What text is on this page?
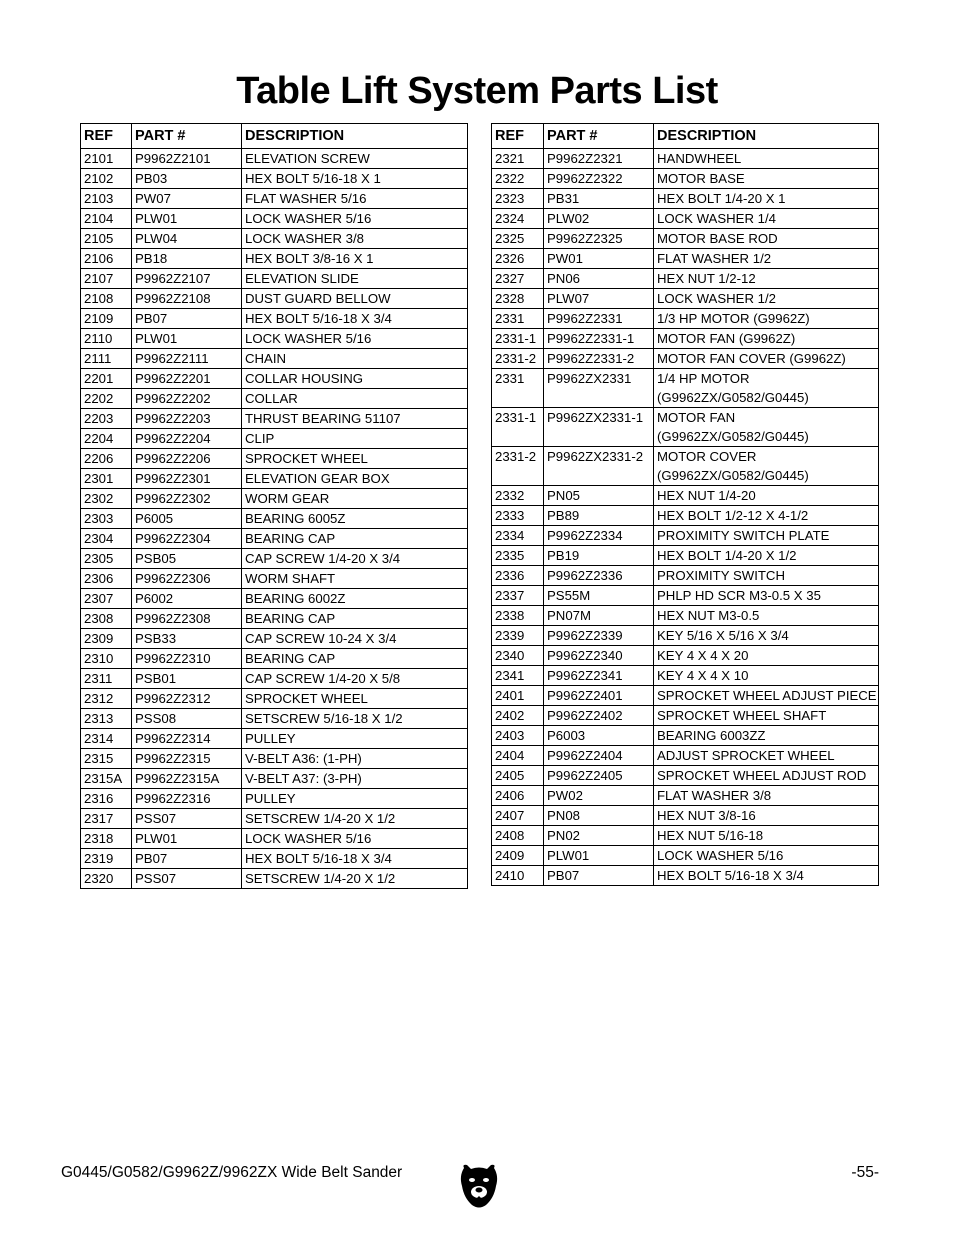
Table Lift System Parts List
REF	PART #	DESCRIPTION
2101	P9962Z2101	ELEVATION SCREW

2102	PB03	HEX BOLT 5/16-18 X 1

2103	PW07	FLAT WASHER 5/16

2104	PLW01	LOCK WASHER 5/16

2105	PLW04	LOCK WASHER 3/8

2106	PB18	HEX BOLT 3/8-16 X 1

2107	P9962Z2107	ELEVATION SLIDE

2108	P9962Z2108	DUST GUARD BELLOW

2109	PB07	HEX BOLT 5/16-18 X 3/4

2110	PLW01	LOCK WASHER 5/16

2111	P9962Z2111	CHAIN

2201	P9962Z2201	COLLAR HOUSING

2202	P9962Z2202	COLLAR

2203	P9962Z2203	THRUST BEARING 51107

2204	P9962Z2204	CLIP

2206	P9962Z2206	SPROCKET WHEEL

2301	P9962Z2301	ELEVATION GEAR BOX

2302	P9962Z2302	WORM GEAR

2303	P6005	BEARING 6005Z

2304	P9962Z2304	BEARING CAP

2305	PSB05	CAP SCREW 1/4-20 X 3/4

2306	P9962Z2306	WORM SHAFT

2307	P6002	BEARING 6002Z

2308	P9962Z2308	BEARING CAP

2309	PSB33	CAP SCREW 10-24 X 3/4

2310	P9962Z2310	BEARING CAP

2311	PSB01	CAP SCREW 1/4-20 X 5/8

2312	P9962Z2312	SPROCKET WHEEL

2313	PSS08	SETSCREW 5/16-18 X 1/2

2314	P9962Z2314	PULLEY

2315	P9962Z2315	V-BELT A36: (1-PH)

2315A	P9962Z2315A	V-BELT A37: (3-PH)

2316	P9962Z2316	PULLEY

2317	PSS07	SETSCREW 1/4-20 X 1/2

2318	PLW01	LOCK WASHER 5/16

2319	PB07	HEX BOLT 5/16-18 X 3/4

2320	PSS07	SETSCREW 1/4-20 X 1/2
REF	PART #	DESCRIPTION
2321	P9962Z2321	HANDWHEEL

2322	P9962Z2322	MOTOR BASE

2323	PB31	HEX BOLT 1/4-20 X 1

2324	PLW02	LOCK WASHER 1/4

2325	P9962Z2325	MOTOR BASE ROD

2326	PW01	FLAT WASHER 1/2

2327	PN06	HEX NUT 1/2-12

2328	PLW07	LOCK WASHER 1/2

2331	P9962Z2331	1/3 HP MOTOR (G9962Z)

2331-1	P9962Z2331-1	MOTOR FAN (G9962Z)

2331-2	P9962Z2331-2	MOTOR FAN COVER (G9962Z)

2331	P9962ZX2331	1/4 HP MOTOR
(G9962ZX/G0582/G0445)

2331-1	P9962ZX2331-1	MOTOR FAN
(G9962ZX/G0582/G0445)

2331-2	P9962ZX2331-2	MOTOR COVER
(G9962ZX/G0582/G0445)

2332	PN05	HEX NUT 1/4-20

2333	PB89	HEX BOLT 1/2-12 X 4-1/2

2334	P9962Z2334	PROXIMITY SWITCH PLATE

2335	PB19	HEX BOLT 1/4-20 X 1/2

2336	P9962Z2336	PROXIMITY SWITCH

2337	PS55M	PHLP HD SCR M3-0.5 X 35

2338	PN07M	HEX NUT M3-0.5

2339	P9962Z2339	KEY 5/16 X 5/16 X 3/4

2340	P9962Z2340	KEY 4 X 4 X 20

2341	P9962Z2341	KEY 4 X 4 X 10

2401	P9962Z2401	SPROCKET WHEEL ADJUST PIECE

2402	P9962Z2402	SPROCKET WHEEL SHAFT

2403	P6003	BEARING 6003ZZ

2404	P9962Z2404	ADJUST SPROCKET WHEEL

2405	P9962Z2405	SPROCKET WHEEL ADJUST ROD

2406	PW02	FLAT WASHER 3/8

2407	PN08	HEX NUT 3/8-16

2408	PN02	HEX NUT 5/16-18

2409	PLW01	LOCK WASHER 5/16

2410	PB07	HEX BOLT 5/16-18 X 3/4
G0445/G0582/G9962Z/9962ZX Wide Belt Sander	-55-
